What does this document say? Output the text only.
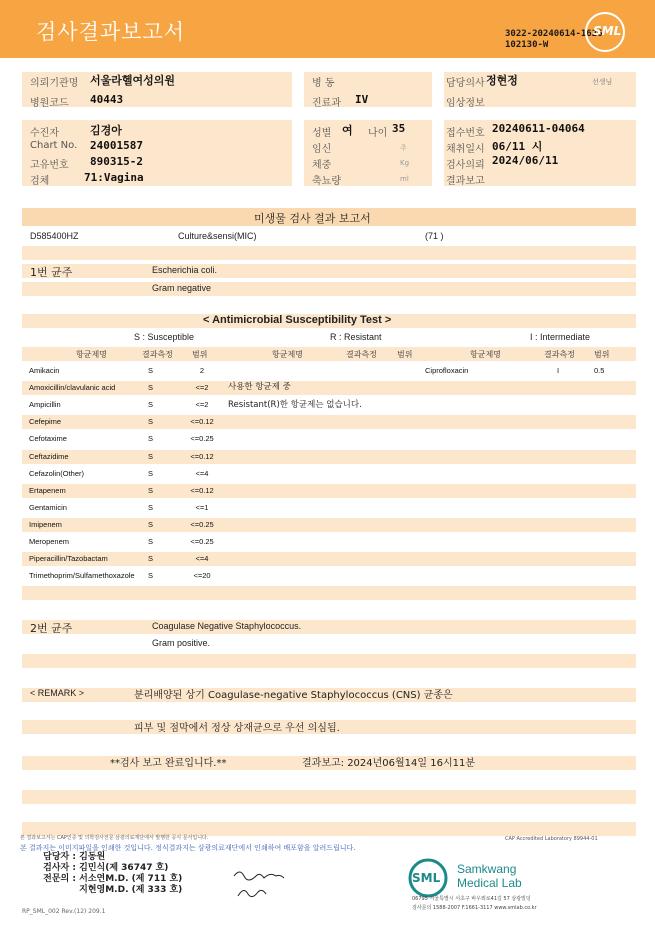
검사결과보고서	3022-20240614-1626
102130-W
SML
의뢰기관명 서울라헬여성의원
병원코드 40443
병 동
진료과 IV
담당의사 정현정	선생님
임상정보
수진자	김경아
Chart No. 24001587
고유번호 890315-2
검체	71:Vagina
성별 여 나이 35
임신	주
체중	Kg
축뇨량	ml
접수번호 20240611-04064
채취일시 06/11 시
검사의뢰 2024/06/11
결과보고
미생물 검사 결과 보고서
D585400HZ	Culture&sensi(MIC)	(71 )
1번 균주	Escherichia coli.
Gram negative
< Antimicrobial Susceptibility Test >
S : Susceptible	R : Resistant	I : Intermediate
항균제명	결과측정 범위	항균제명	결과측정	범위	항균제명	결과측정 범위
Amikacin	S	2
Amoxicillin/clavulanic acid	S	<=2
Ampicillin	S	<=2
Cefepime	S	<=0.12
Cefotaxime	S	<=0.25
Ceftazidime	S	<=0.12
Cefazolin(Other)	S	<=4
Ertapenem	S	<=0.12
Gentamicin	S	<=1
Imipenem	S	<=0.25
Meropenem	S	<=0.25
Piperacillin/Tazobactam	S	<=4
Trimethoprim/Sulfamethoxazole S	<=20
사용한 항균제 중
Resistant(R)한 항균제는 없습니다.
Ciprofloxacin	I	0.5
2번 균주	Coagulase Negative Staphylococcus.
Gram positive.
< REMARK >	분리배양된 상기 Coagulase-negative Staphylococcus (CNS) 균종은
피부 및 점막에서 정상 상재균으로 우선 의심됨.
**검사 보고 완료입니다.**	결과보고: 2024년06월14일 16시11분
본 결과보고서는 CAP인증 및 의학검사전문 삼광의료재단에서 발행한 공식 문서입니다.	CAP Accredited Laboratory 89944-01
본 결과지는 이미지파일을 인쇄한 것입니다. 정식결과지는 삼광의료재단에서 인쇄하여 배포함을 알려드립니다.
담당자 : 김동원
검사자 : 김민식(제 36747 호)
전문의 : 서소연M.D. (제 711 호)
지현영M.D. (제 333 호)
SML
Samkwang
Medical Lab
06795 서울특별시 서초구 바우뫼로41길 57 삼광빌딩
검사문의 1588-2007 F.1661-3117 www.smlab.co.kr
RP_SML_002 Rev.(12) 209.1
